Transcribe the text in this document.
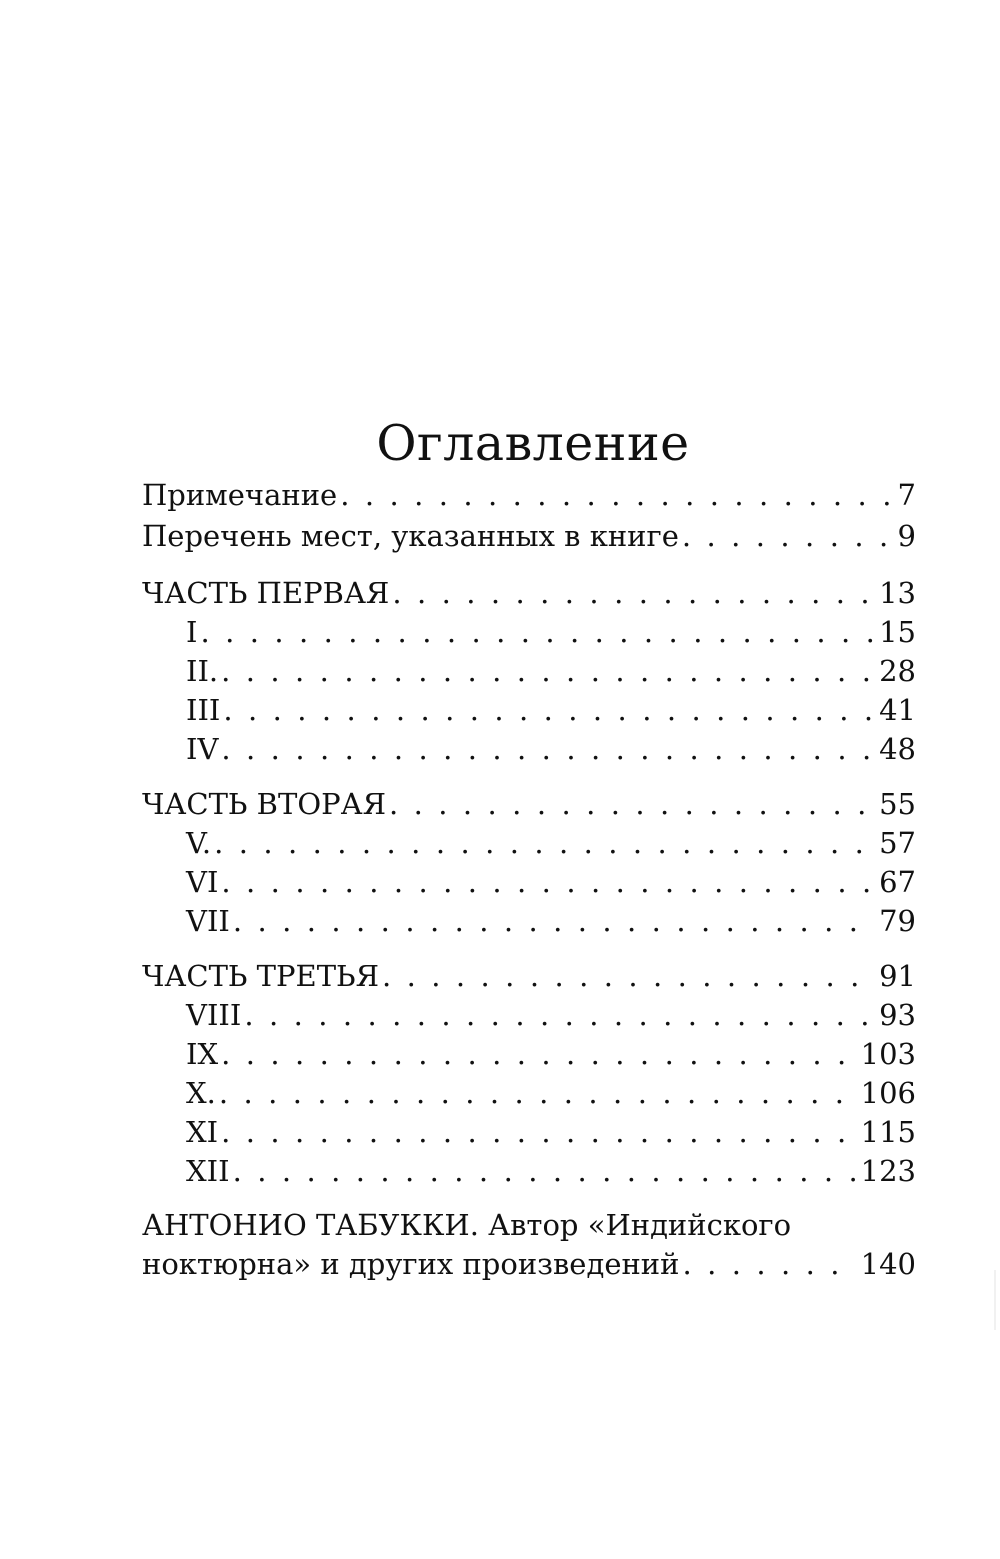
Оглавление
Примечание . . .	7
Перечень мест, указанных в книге . . .	9
ЧАСТЬ ПЕРВАЯ . . .	13
I . . .	15
II. . . .	28
III . . .	41
IV . . .	48
ЧАСТЬ ВТОРАЯ . . .	55
V. . . .	57
VI . . .	67
VII . . .	79
ЧАСТЬ ТРЕТЬЯ . . .	91
VIII . . .	93
IX . . .	103
X. . . .	106
XI . . .	115
XII . . .	123
АНТОНИО ТАБУККИ. Автор «Индийского
ноктюрна» и других произведений . . .	140
